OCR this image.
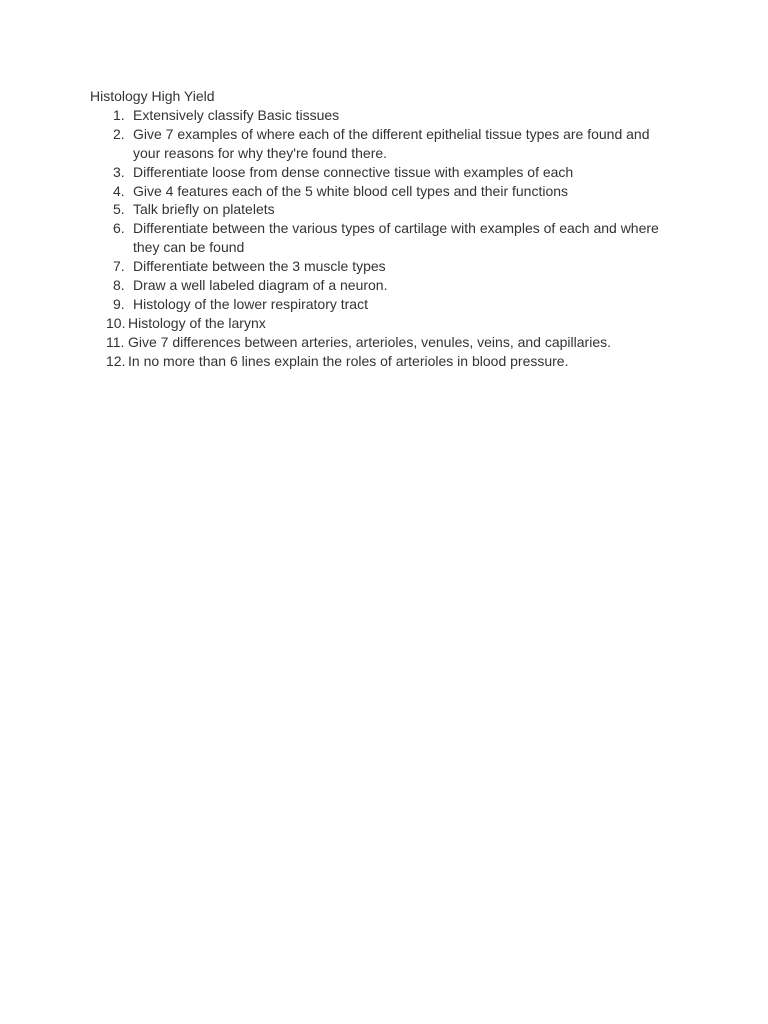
Histology High Yield
1. Extensively classify Basic tissues
2. Give 7 examples of where each of the different epithelial tissue types are found and your reasons for why they're found there.
3. Differentiate loose from dense connective tissue with examples of each
4. Give 4 features each of the 5 white blood cell types and their functions
5. Talk briefly on platelets
6. Differentiate between the various types of cartilage with examples of each and where they can be found
7. Differentiate between the 3 muscle types
8. Draw a well labeled diagram of a neuron.
9. Histology of the lower respiratory tract
10. Histology of the larynx
11. Give 7 differences between arteries, arterioles, venules, veins, and capillaries.
12. In no more than 6 lines explain the roles of arterioles in blood pressure.
